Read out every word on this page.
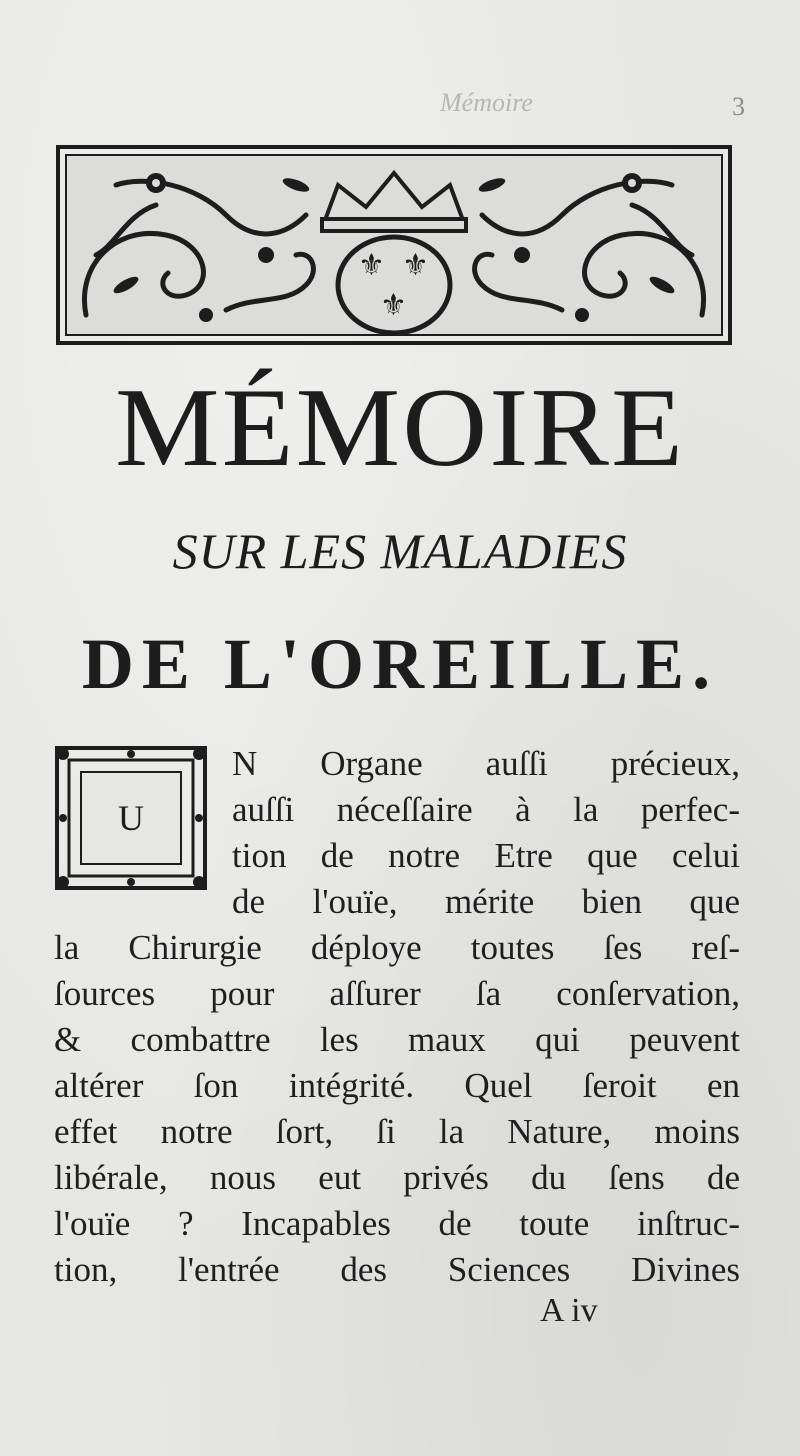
Mémoire	3
⚜ ⚜
⚜
MÉMOIRE
SUR LES MALADIES
DE L'OREILLE.
U
N Organe auſſi précieux,
auſſi néceſſaire à la perfec-
tion de notre Etre que celui
de l'ouïe, mérite bien que
la Chirurgie déploye toutes ſes reſ-
ſources pour aſſurer ſa conſervation,
& combattre les maux qui peuvent
altérer ſon intégrité. Quel ſeroit en
effet notre ſort, ſi la Nature, moins
libérale, nous eut privés du ſens de
l'ouïe ? Incapables de toute inſtruc-
tion, l'entrée des Sciences Divines
A iv
